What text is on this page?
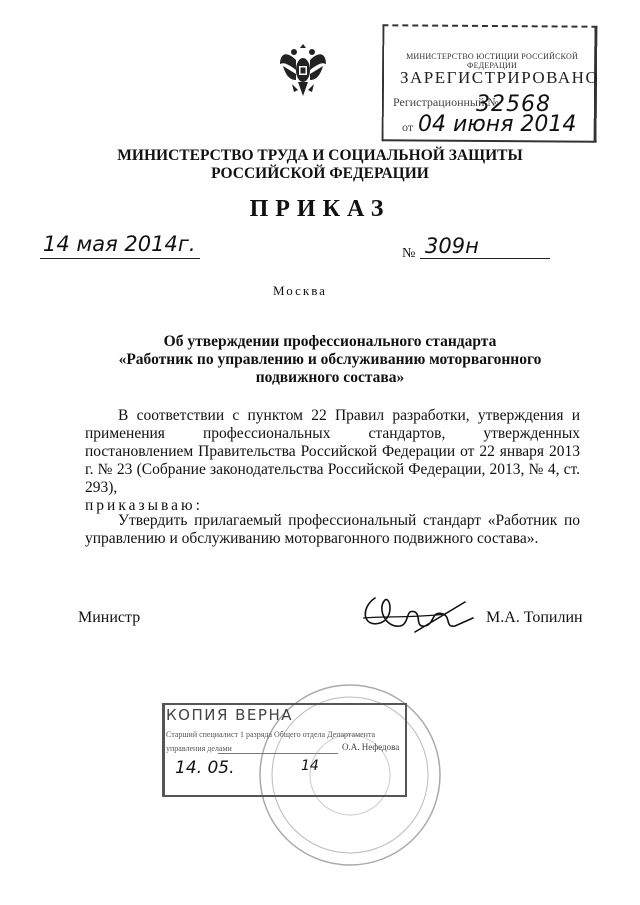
МИНИСТЕРСТВО ЮСТИЦИИ РОССИЙСКОЙ ФЕДЕРАЦИИ
ЗАРЕГИСТРИРОВАНО
Регистрационный №
32568
от 04 июня 2014
МИНИСТЕРСТВО ТРУДА И СОЦИАЛЬНОЙ ЗАЩИТЫ
РОССИЙСКОЙ ФЕДЕРАЦИИ
ПРИКАЗ
14 мая 2014г.	№ 309н
Москва
Об утверждении профессионального стандарта
«Работник по управлению и обслуживанию моторвагонного
подвижного состава»
В соответствии с пунктом 22 Правил разработки, утверждения и применения профессиональных стандартов, утвержденных постановлением Правительства Российской Федерации от 22 января 2013 г. № 23 (Собрание законодательства Российской Федерации, 2013, № 4, ст. 293),
приказываю:
Утвердить прилагаемый профессиональный стандарт «Работник по управлению и обслуживанию моторвагонного подвижного состава».
Министр	М.А. Топилин
КОПИЯ ВЕРНА
Старший специалист 1 разряда Общего отдела Департамента
управления делами	О.А. Нефедова
14. 05.	14
